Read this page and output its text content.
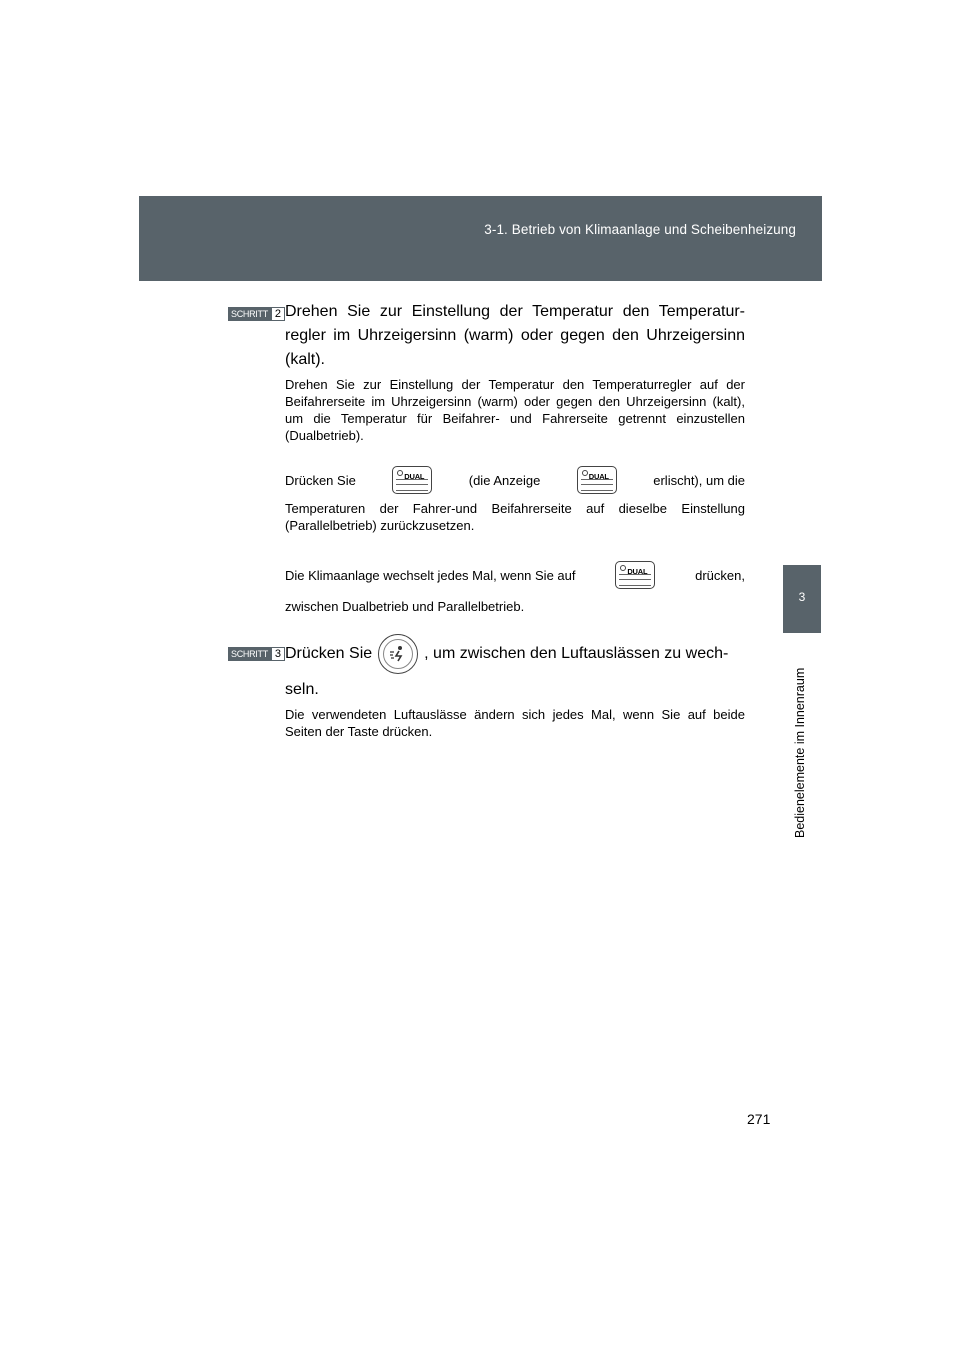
3-1. Betrieb von Klimaanlage und Scheibenheizung
3
Bedienelemente im Innenraum
SCHRITT 2 Drehen Sie zur Einstellung der Temperatur den Temperatur-regler im Uhrzeigersinn (warm) oder gegen den Uhrzeigersinn (kalt).
Drehen Sie zur Einstellung der Temperatur den Temperaturregler auf der Beifahrerseite im Uhrzeigersinn (warm) oder gegen den Uhrzeigersinn (kalt), um die Temperatur für Beifahrer- und Fahrerseite getrennt einzustellen (Dualbetrieb).
Drücken Sie	DUAL	(die Anzeige	DUAL	erlischt), um die
Temperaturen der Fahrer-und Beifahrerseite auf dieselbe Einstellung (Parallelbetrieb) zurückzusetzen.
Die Klimaanlage wechselt jedes Mal, wenn Sie auf	DUAL	drücken,
zwischen Dualbetrieb und Parallelbetrieb.
SCHRITT 3 Drücken Sie	, um zwischen den Luftauslässen zu wech-
seln.
Die verwendeten Luftauslässe ändern sich jedes Mal, wenn Sie auf beide Seiten der Taste drücken.
271
